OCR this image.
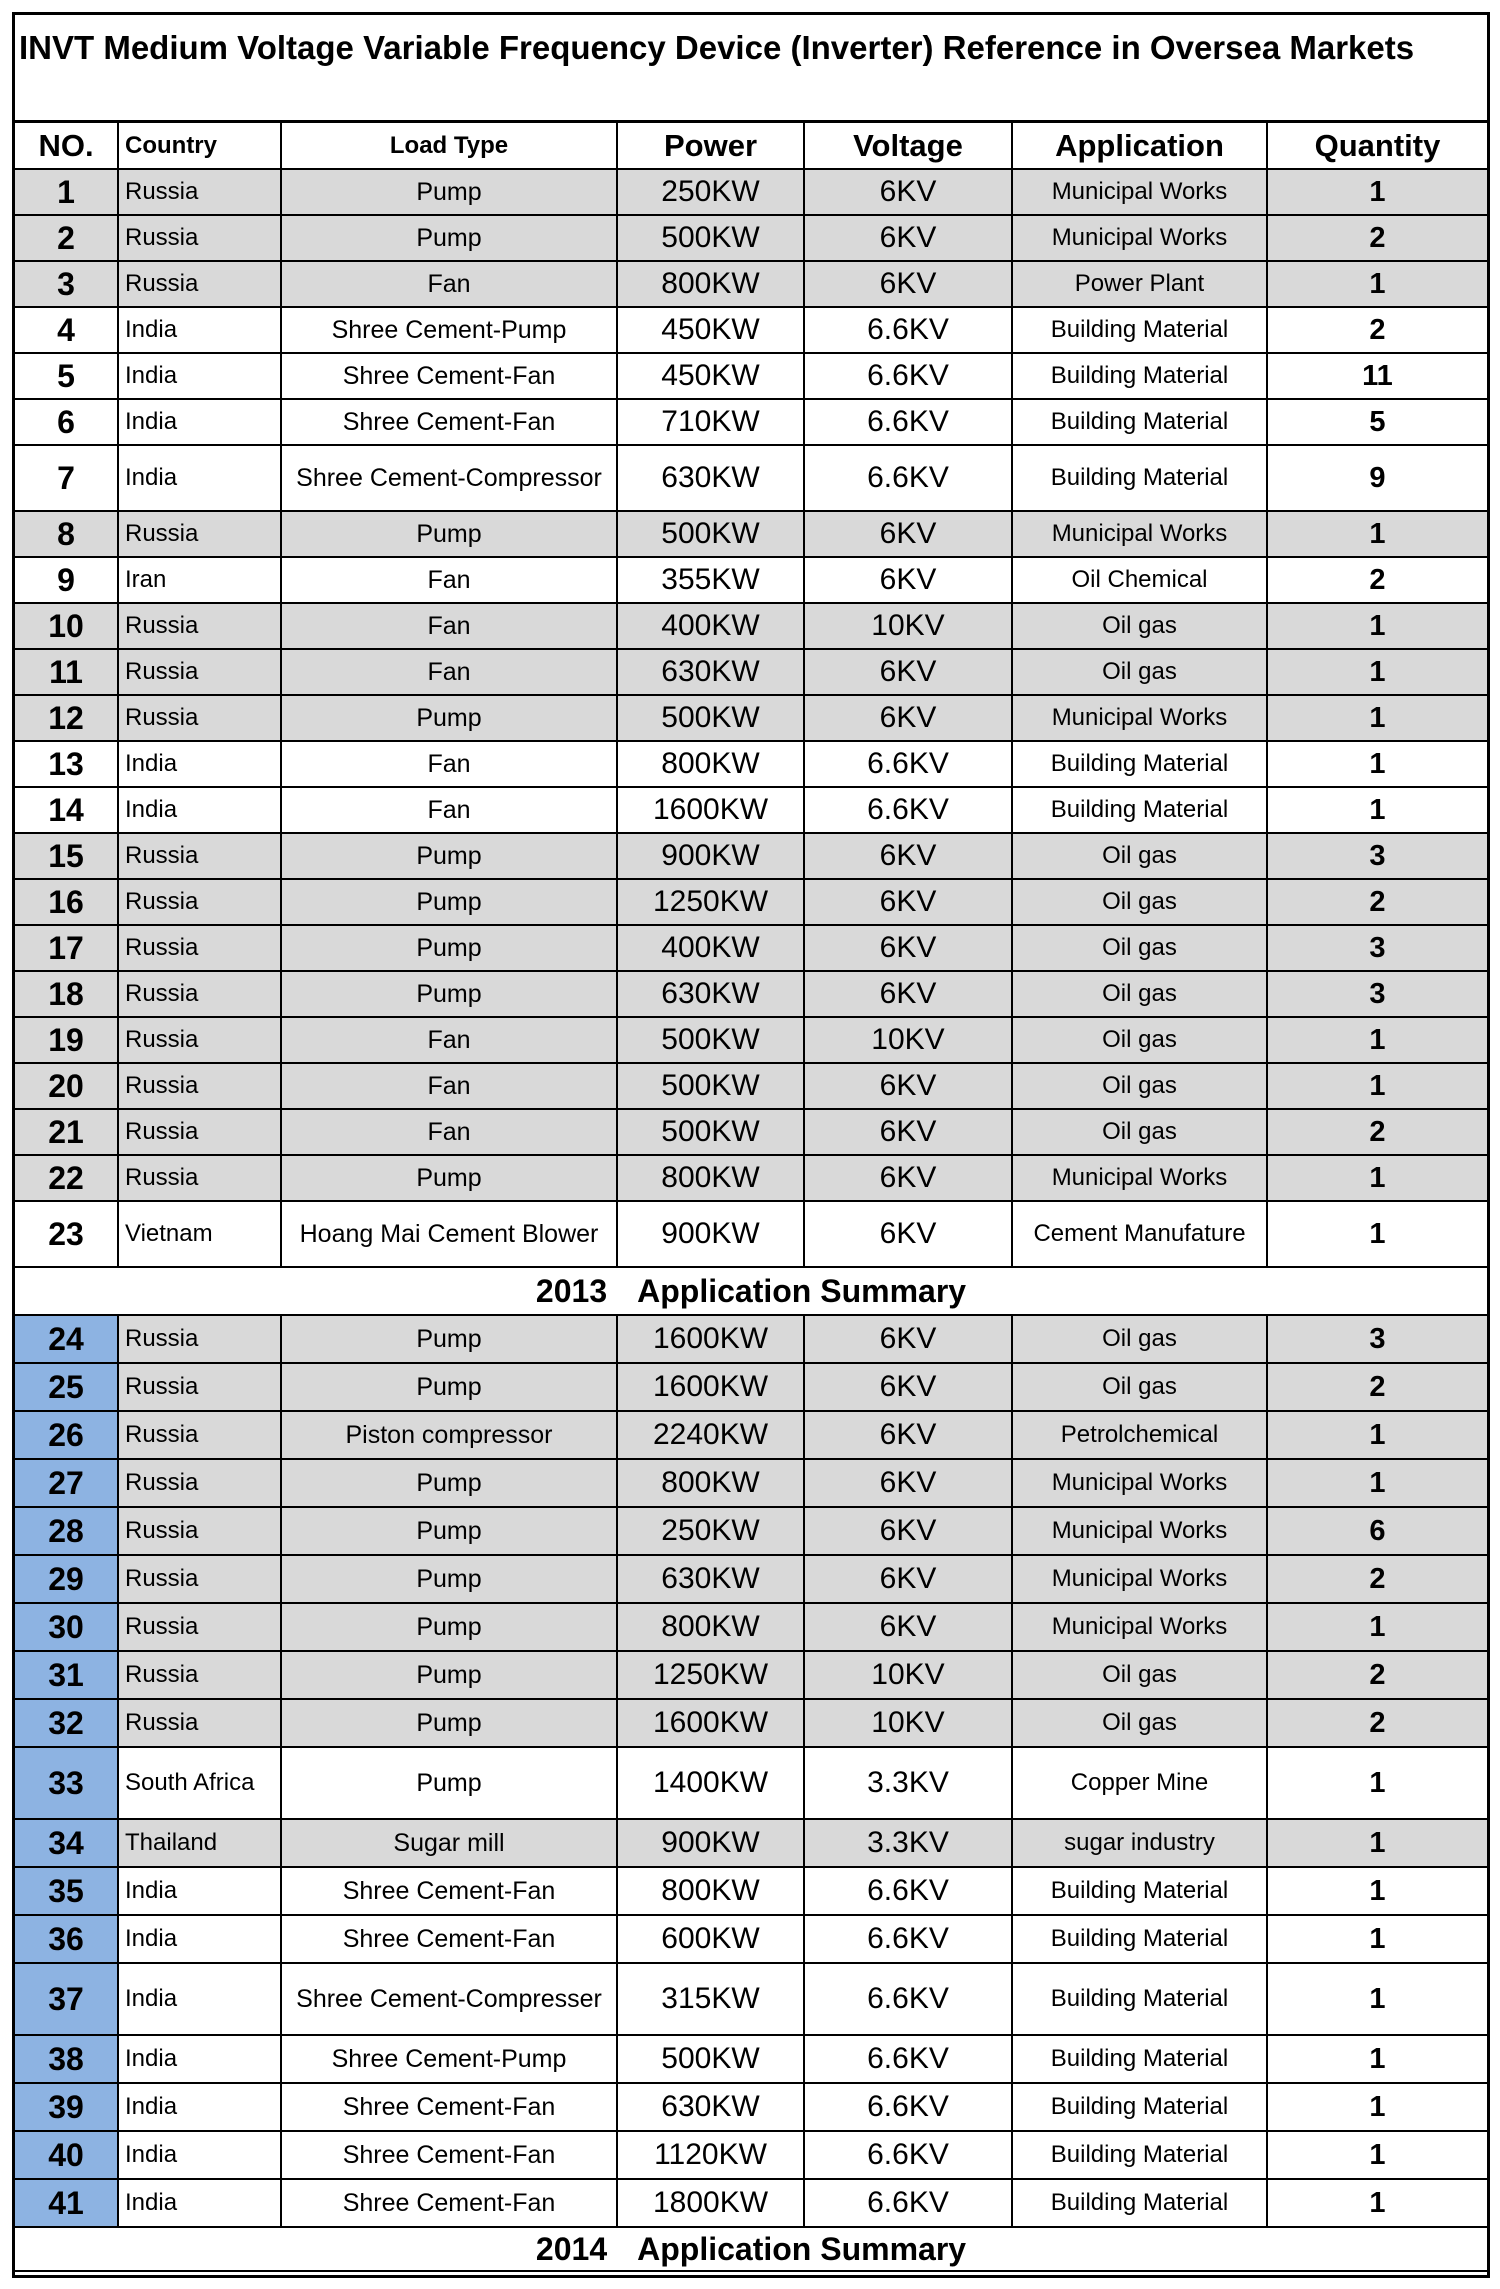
INVT Medium Voltage Variable Frequency Device (Inverter) Reference in Oversea Markets
NO.	Country	Load Type	Power	Voltage	Application	Quantity
1	Russia	Pump	250KW	6KV	Municipal Works	1
2	Russia	Pump	500KW	6KV	Municipal Works	2
3	Russia	Fan	800KW	6KV	Power Plant	1
4	India	Shree Cement-Pump	450KW	6.6KV	Building Material	2
5	India	Shree Cement-Fan	450KW	6.6KV	Building Material	11
6	India	Shree Cement-Fan	710KW	6.6KV	Building Material	5
7	India	Shree Cement-Compressor	630KW	6.6KV	Building Material	9
8	Russia	Pump	500KW	6KV	Municipal Works	1
9	Iran	Fan	355KW	6KV	Oil Chemical	2
10	Russia	Fan	400KW	10KV	Oil gas	1
11	Russia	Fan	630KW	6KV	Oil gas	1
12	Russia	Pump	500KW	6KV	Municipal Works	1
13	India	Fan	800KW	6.6KV	Building Material	1
14	India	Fan	1600KW	6.6KV	Building Material	1
15	Russia	Pump	900KW	6KV	Oil gas	3
16	Russia	Pump	1250KW	6KV	Oil gas	2
17	Russia	Pump	400KW	6KV	Oil gas	3
18	Russia	Pump	630KW	6KV	Oil gas	3
19	Russia	Fan	500KW	10KV	Oil gas	1
20	Russia	Fan	500KW	6KV	Oil gas	1
21	Russia	Fan	500KW	6KV	Oil gas	2
22	Russia	Pump	800KW	6KV	Municipal Works	1
23	Vietnam	Hoang Mai Cement Blower	900KW	6KV	Cement Manufature	1
2013 Application Summary						
24	Russia	Pump	1600KW	6KV	Oil gas	3
25	Russia	Pump	1600KW	6KV	Oil gas	2
26	Russia	Piston compressor	2240KW	6KV	Petrolchemical	1
27	Russia	Pump	800KW	6KV	Municipal Works	1
28	Russia	Pump	250KW	6KV	Municipal Works	6
29	Russia	Pump	630KW	6KV	Municipal Works	2
30	Russia	Pump	800KW	6KV	Municipal Works	1
31	Russia	Pump	1250KW	10KV	Oil gas	2
32	Russia	Pump	1600KW	10KV	Oil gas	2
33	South Africa	Pump	1400KW	3.3KV	Copper Mine	1
34	Thailand	Sugar mill	900KW	3.3KV	sugar industry	1
35	India	Shree Cement-Fan	800KW	6.6KV	Building Material	1
36	India	Shree Cement-Fan	600KW	6.6KV	Building Material	1
37	India	Shree Cement-Compresser	315KW	6.6KV	Building Material	1
38	India	Shree Cement-Pump	500KW	6.6KV	Building Material	1
39	India	Shree Cement-Fan	630KW	6.6KV	Building Material	1
40	India	Shree Cement-Fan	1120KW	6.6KV	Building Material	1
41	India	Shree Cement-Fan	1800KW	6.6KV	Building Material	1
2014 Application Summary						
